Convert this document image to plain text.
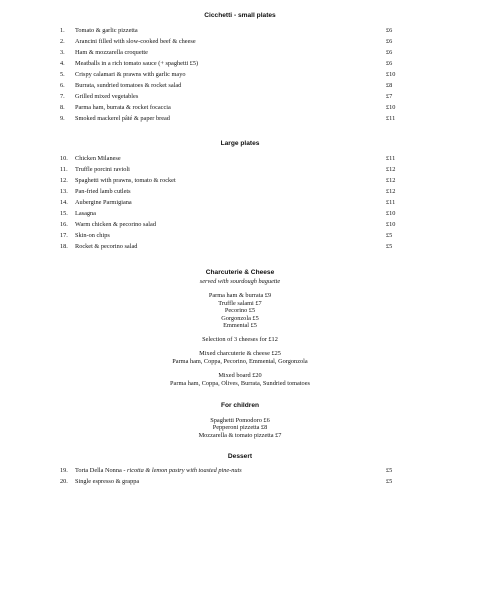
Cicchetti - small plates
1.	Tomato & garlic pizzetta	£6
2.	Arancini filled with slow-cooked beef & cheese	£6
3.	Ham & mozzarella croquette	£6
4.	Meatballs in a rich tomato sauce (+ spaghetti £5)	£6
5.	Crispy calamari & prawns with garlic mayo	£10
6.	Burrata, sundried tomatoes & rocket salad	£8
7.	Grilled mixed vegetables	£7
8.	Parma ham, burrata & rocket focaccia	£10
9.	Smoked mackerel pâté & paper bread	£11
Large plates
10.	Chicken Milanese	£11
11.	Truffle porcini ravioli	£12
12.	Spaghetti with prawns, tomato & rocket	£12
13.	Pan-fried lamb cutlets	£12
14.	Aubergine Parmigiana	£11
15.	Lasagna	£10
16.	Warm chicken & pecorino salad	£10
17.	Skin-on chips	£5
18.	Rocket & pecorino salad	£5
Charcuterie & Cheese
served with sourdough baguette
Parma ham & burrata £9
Truffle salami £7
Pecorino £5
Gorgonzola £5
Emmental £5
Selection of 3 cheeses for £12
Mixed charcuterie & cheese £25
Parma ham, Coppa, Pecorino, Emmental, Gorgonzola
Mixed board £20
Parma ham, Coppa, Olives, Burrata, Sundried tomatoes
For children
Spaghetti Pomodoro £6
Pepperoni pizzetta £8
Mozzarella & tomato pizzetta £7
Dessert
19.	Torta Della Nonna - ricotta & lemon pastry with toasted pine-nuts	£5
20.	Single espresso & grappa	£5
